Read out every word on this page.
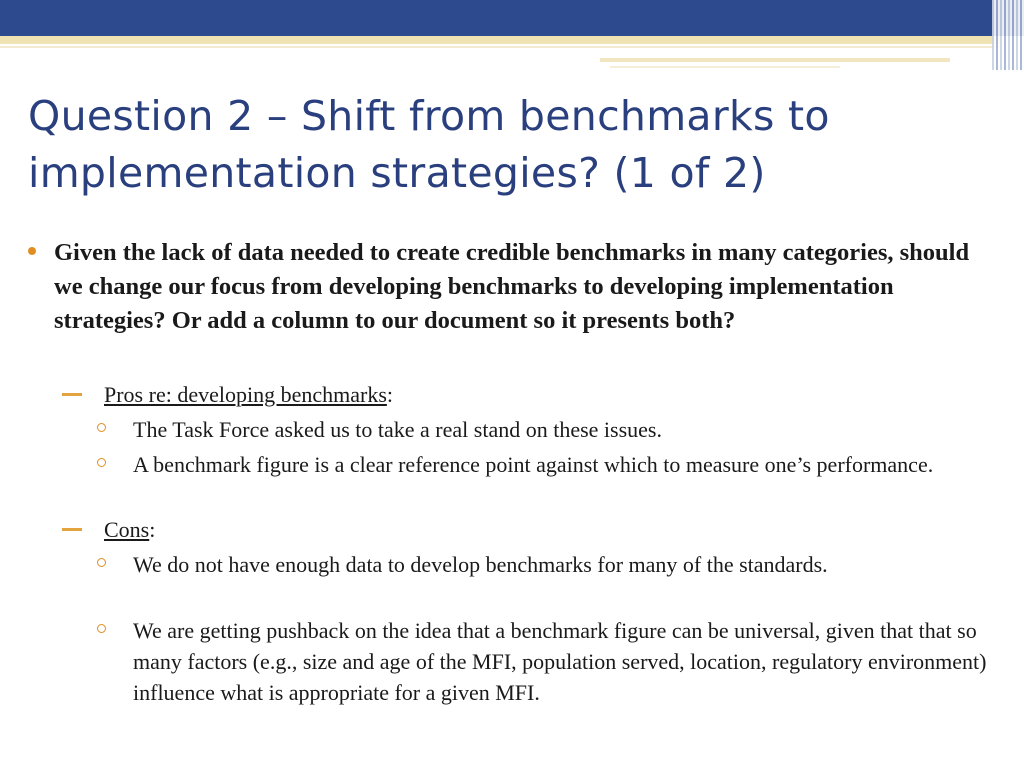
Question 2 – Shift from benchmarks to implementation strategies? (1 of 2)
Given the lack of data needed to create credible benchmarks in many categories, should we change our focus from developing benchmarks to developing implementation strategies? Or add a column to our document so it presents both?
Pros re: developing benchmarks:
The Task Force asked us to take a real stand on these issues.
A benchmark figure is a clear reference point against which to measure one’s performance.
Cons:
We do not have enough data to develop benchmarks for many of the standards.
We are getting pushback on the idea that a benchmark figure can be universal, given that that so many factors (e.g., size and age of the MFI, population served, location, regulatory environment) influence what is appropriate for a given MFI.
